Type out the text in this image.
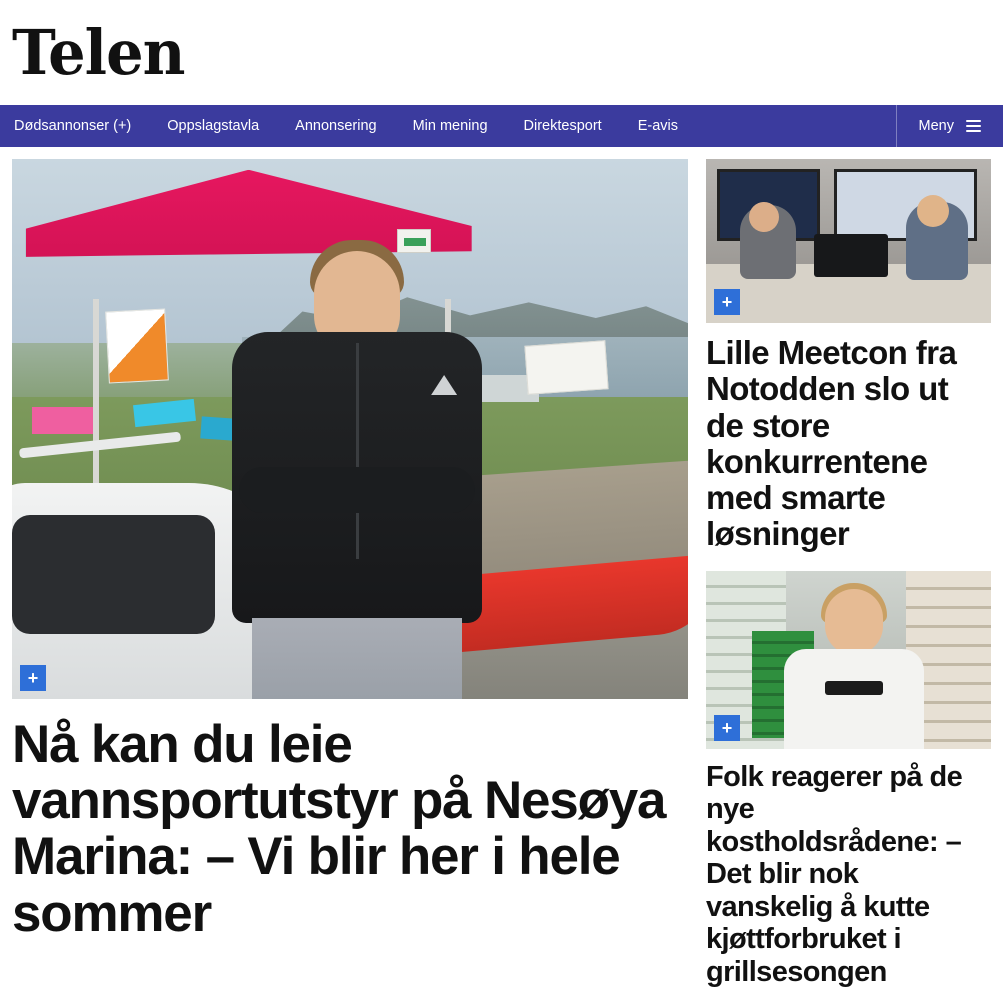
Telen
Dødsannonser (+)	Oppslagstavla	Annonsering	Min mening	Direktesport	E-avis	Meny
+
Nå kan du leie vannsportutstyr på Nesøya Marina: – Vi blir her i hele sommer
+
Lille Meetcon fra Notodden slo ut de store konkurrentene med smarte løsninger
+
Folk reagerer på de nye kostholdsrådene: – Det blir nok vanskelig å kutte kjøttforbruket i grillsesongen
